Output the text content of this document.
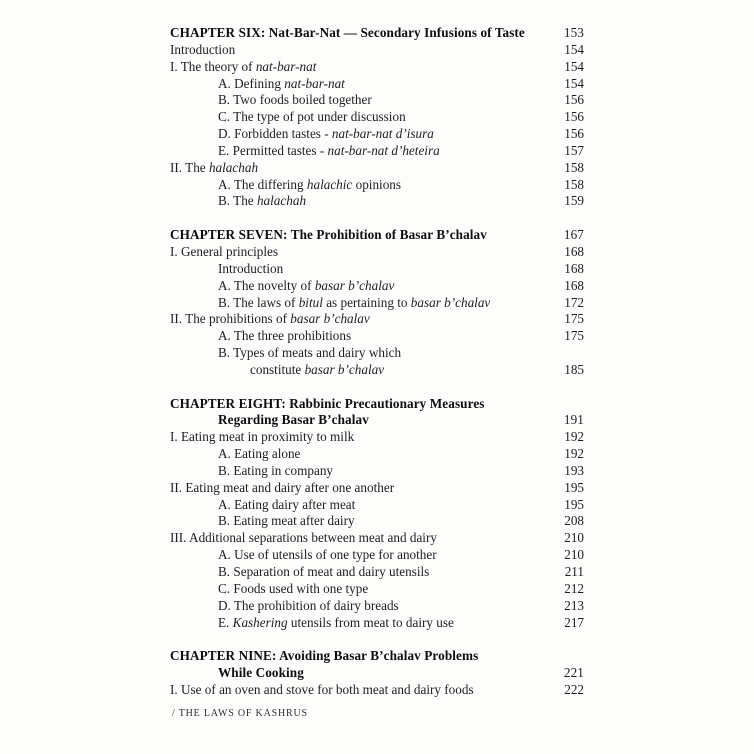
CHAPTER SIX: Nat-Bar-Nat — Secondary Infusions of Taste	153
Introduction	154
I. The theory of nat-bar-nat	154
A. Defining nat-bar-nat	154
B. Two foods boiled together	156
C. The type of pot under discussion	156
D. Forbidden tastes - nat-bar-nat d’isura	156
E. Permitted tastes - nat-bar-nat d’heteira	157
II. The halachah	158
A. The differing halachic opinions	158
B. The halachah	159
CHAPTER SEVEN: The Prohibition of Basar B’chalav	167
I. General principles	168
Introduction	168
A. The novelty of basar b’chalav	168
B. The laws of bitul as pertaining to basar b’chalav	172
II. The prohibitions of basar b’chalav	175
A. The three prohibitions	175
B. Types of meats and dairy which
constitute basar b’chalav	185
CHAPTER EIGHT: Rabbinic Precautionary Measures
Regarding Basar B’chalav	191
I. Eating meat in proximity to milk	192
A. Eating alone	192
B. Eating in company	193
II. Eating meat and dairy after one another	195
A. Eating dairy after meat	195
B. Eating meat after dairy	208
III. Additional separations between meat and dairy	210
A. Use of utensils of one type for another	210
B. Separation of meat and dairy utensils	211
C. Foods used with one type	212
D. The prohibition of dairy breads	213
E. Kashering utensils from meat to dairy use	217
CHAPTER NINE: Avoiding Basar B’chalav Problems
While Cooking	221
I. Use of an oven and stove for both meat and dairy foods	222
/ THE LAWS OF KASHRUS
